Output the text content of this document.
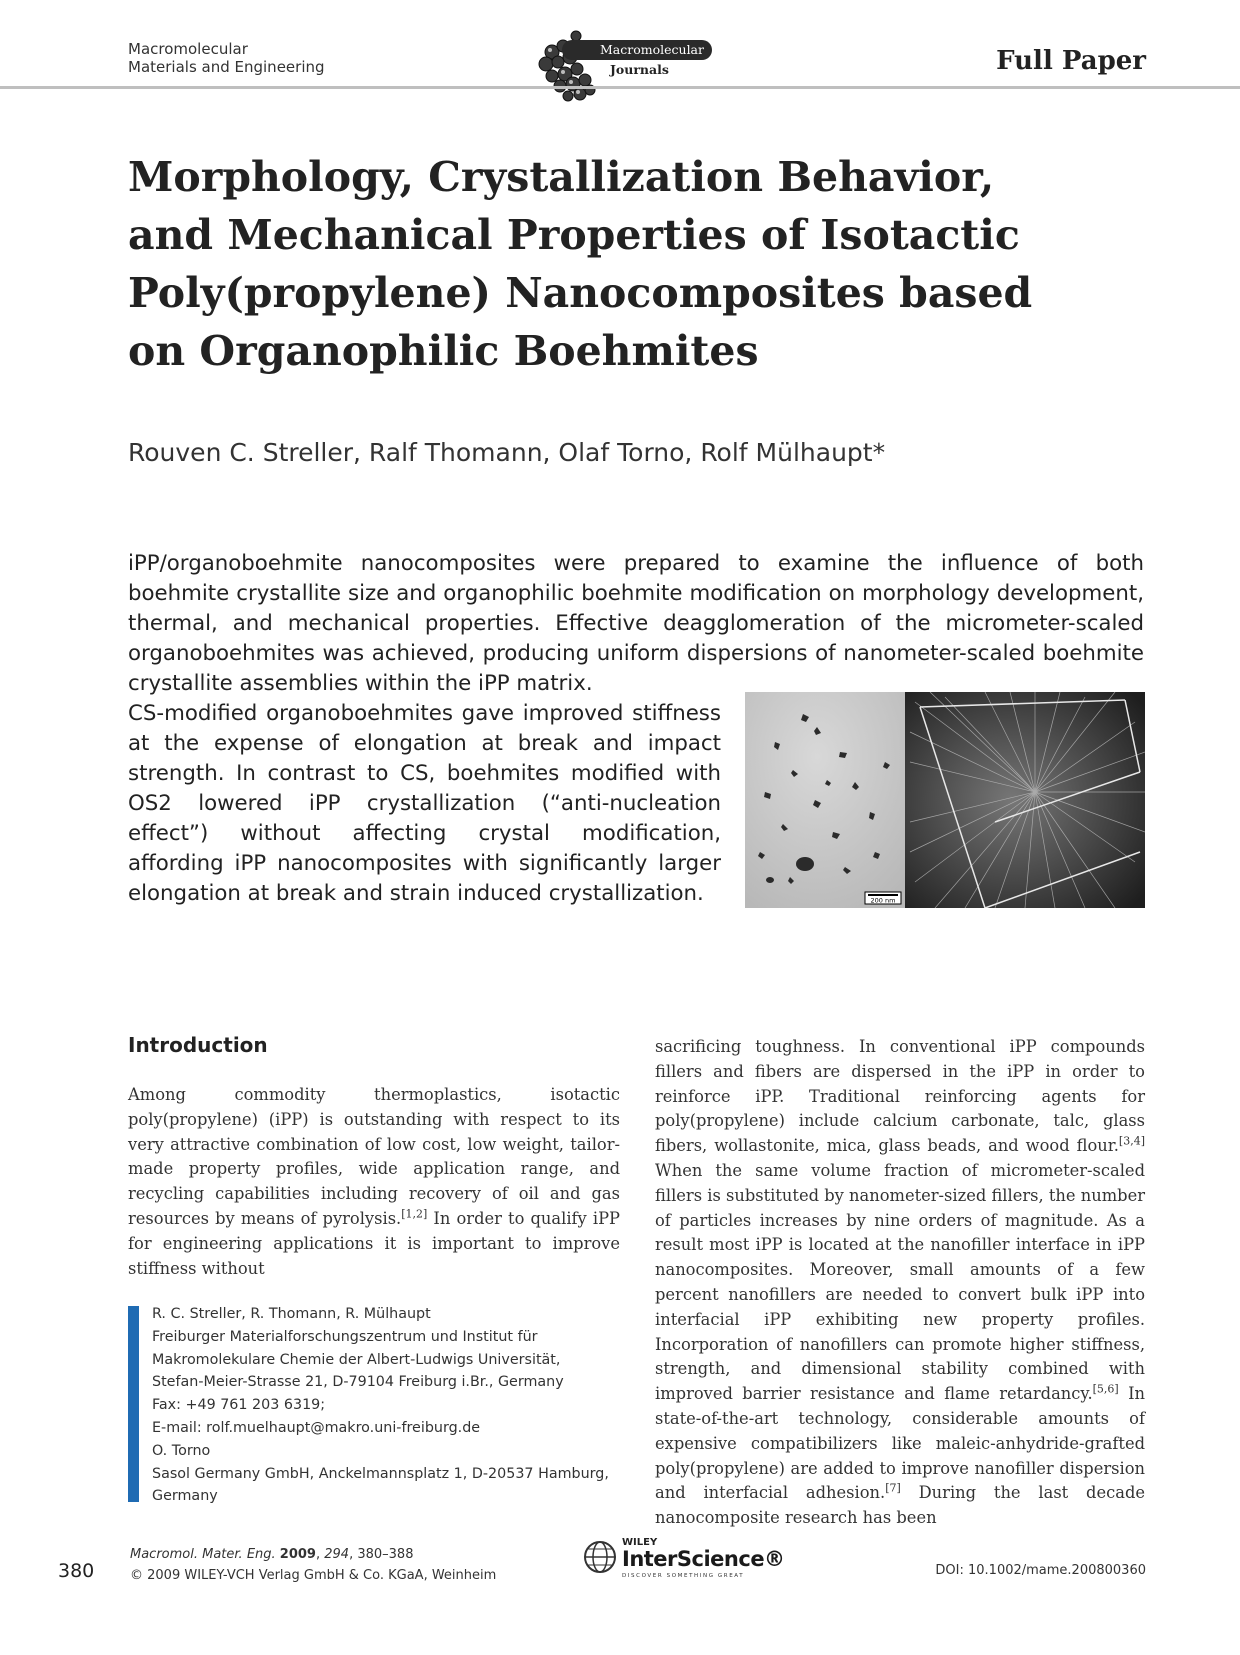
Macromolecular
Materials and Engineering
Macromolecular
Journals	Full Paper
Morphology, Crystallization Behavior, and Mechanical Properties of Isotactic Poly(propylene) Nanocomposites based on Organophilic Boehmites
Rouven C. Streller, Ralf Thomann, Olaf Torno, Rolf Mülhaupt*
iPP/organoboehmite nanocomposites were prepared to examine the influence of both boehmite crystallite size and organophilic boehmite modification on morphology development, thermal, and mechanical properties. Effective deagglomeration of the micrometer-scaled organoboehmites was achieved, producing uniform dispersions of nanometer-scaled boehmite crystallite assemblies within the iPP matrix.
CS-modified organoboehmites gave improved stiffness at the expense of elongation at break and impact strength. In contrast to CS, boehmites modified with OS2 lowered iPP crystallization (“anti-nucleation effect”) without affecting crystal modification, affording iPP nanocomposites with significantly larger elongation at break and strain induced crystallization.	200 nm
Introduction
Among commodity thermoplastics, isotactic poly(propylene) (iPP) is outstanding with respect to its very attractive combination of low cost, low weight, tailor-made property profiles, wide application range, and recycling capabilities including recovery of oil and gas resources by means of pyrolysis.[1,2] In order to qualify iPP for engineering applications it is important to improve stiffness without
sacrificing toughness. In conventional iPP compounds fillers and fibers are dispersed in the iPP in order to reinforce iPP. Traditional reinforcing agents for poly(propylene) include calcium carbonate, talc, glass fibers, wollastonite, mica, glass beads, and wood flour.[3,4] When the same volume fraction of micrometer-scaled fillers is substituted by nanometer-sized fillers, the number of particles increases by nine orders of magnitude. As a result most iPP is located at the nanofiller interface in iPP nanocomposites. Moreover, small amounts of a few percent nanofillers are needed to convert bulk iPP into interfacial iPP exhibiting new property profiles. Incorporation of nanofillers can promote higher stiffness, strength, and dimensional stability combined with improved barrier resistance and flame retardancy.[5,6] In state-of-the-art technology, considerable amounts of expensive compatibilizers like maleic-anhydride-grafted poly(propylene) are added to improve nanofiller dispersion and interfacial adhesion.[7] During the last decade nanocomposite research has been
R. C. Streller, R. Thomann, R. Mülhaupt
Freiburger Materialforschungszentrum und Institut für
Makromolekulare Chemie der Albert-Ludwigs Universität,
Stefan-Meier-Strasse 21, D-79104 Freiburg i.Br., Germany
Fax: +49 761 203 6319;
E-mail: rolf.muelhaupt@makro.uni-freiburg.de
O. Torno
Sasol Germany GmbH, Anckelmannsplatz 1, D-20537 Hamburg,
Germany
380
Macromol. Mater. Eng. 2009, 294, 380–388
© 2009 WILEY-VCH Verlag GmbH & Co. KGaA, Weinheim
WILEY
InterScience®
DISCOVER SOMETHING GREAT	DOI: 10.1002/mame.200800360
